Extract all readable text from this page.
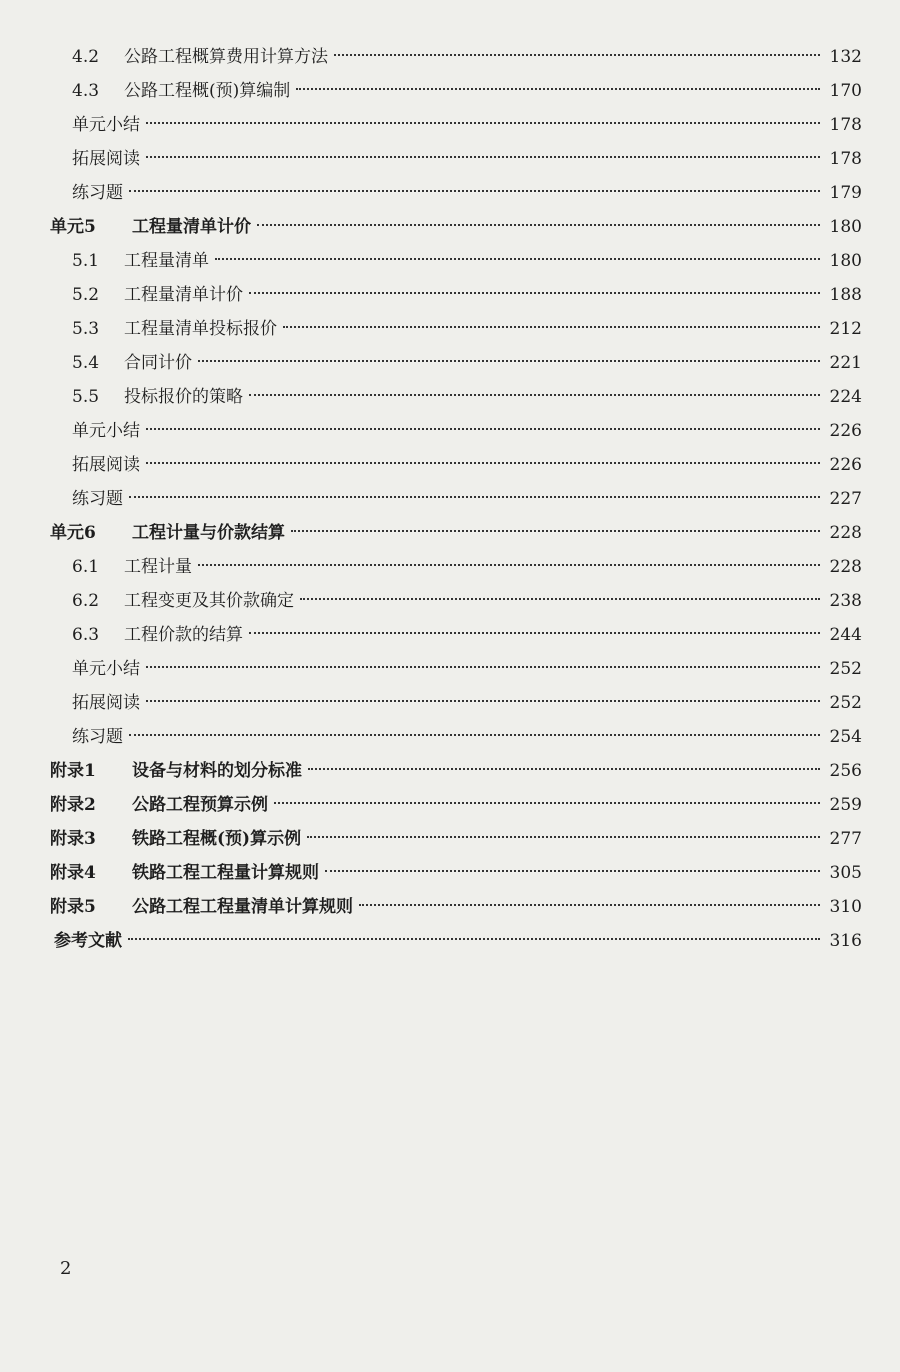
4.2	公路工程概算费用计算方法	132
4.3	公路工程概(预)算编制	170
单元小结	178
拓展阅读	178
练习题	179
单元5	工程量清单计价	180
5.1	工程量清单	180
5.2	工程量清单计价	188
5.3	工程量清单投标报价	212
5.4	合同计价	221
5.5	投标报价的策略	224
单元小结	226
拓展阅读	226
练习题	227
单元6	工程计量与价款结算	228
6.1	工程计量	228
6.2	工程变更及其价款确定	238
6.3	工程价款的结算	244
单元小结	252
拓展阅读	252
练习题	254
附录1	设备与材料的划分标准	256
附录2	公路工程预算示例	259
附录3	铁路工程概(预)算示例	277
附录4	铁路工程工程量计算规则	305
附录5	公路工程工程量清单计算规则	310
参考文献	316
2
